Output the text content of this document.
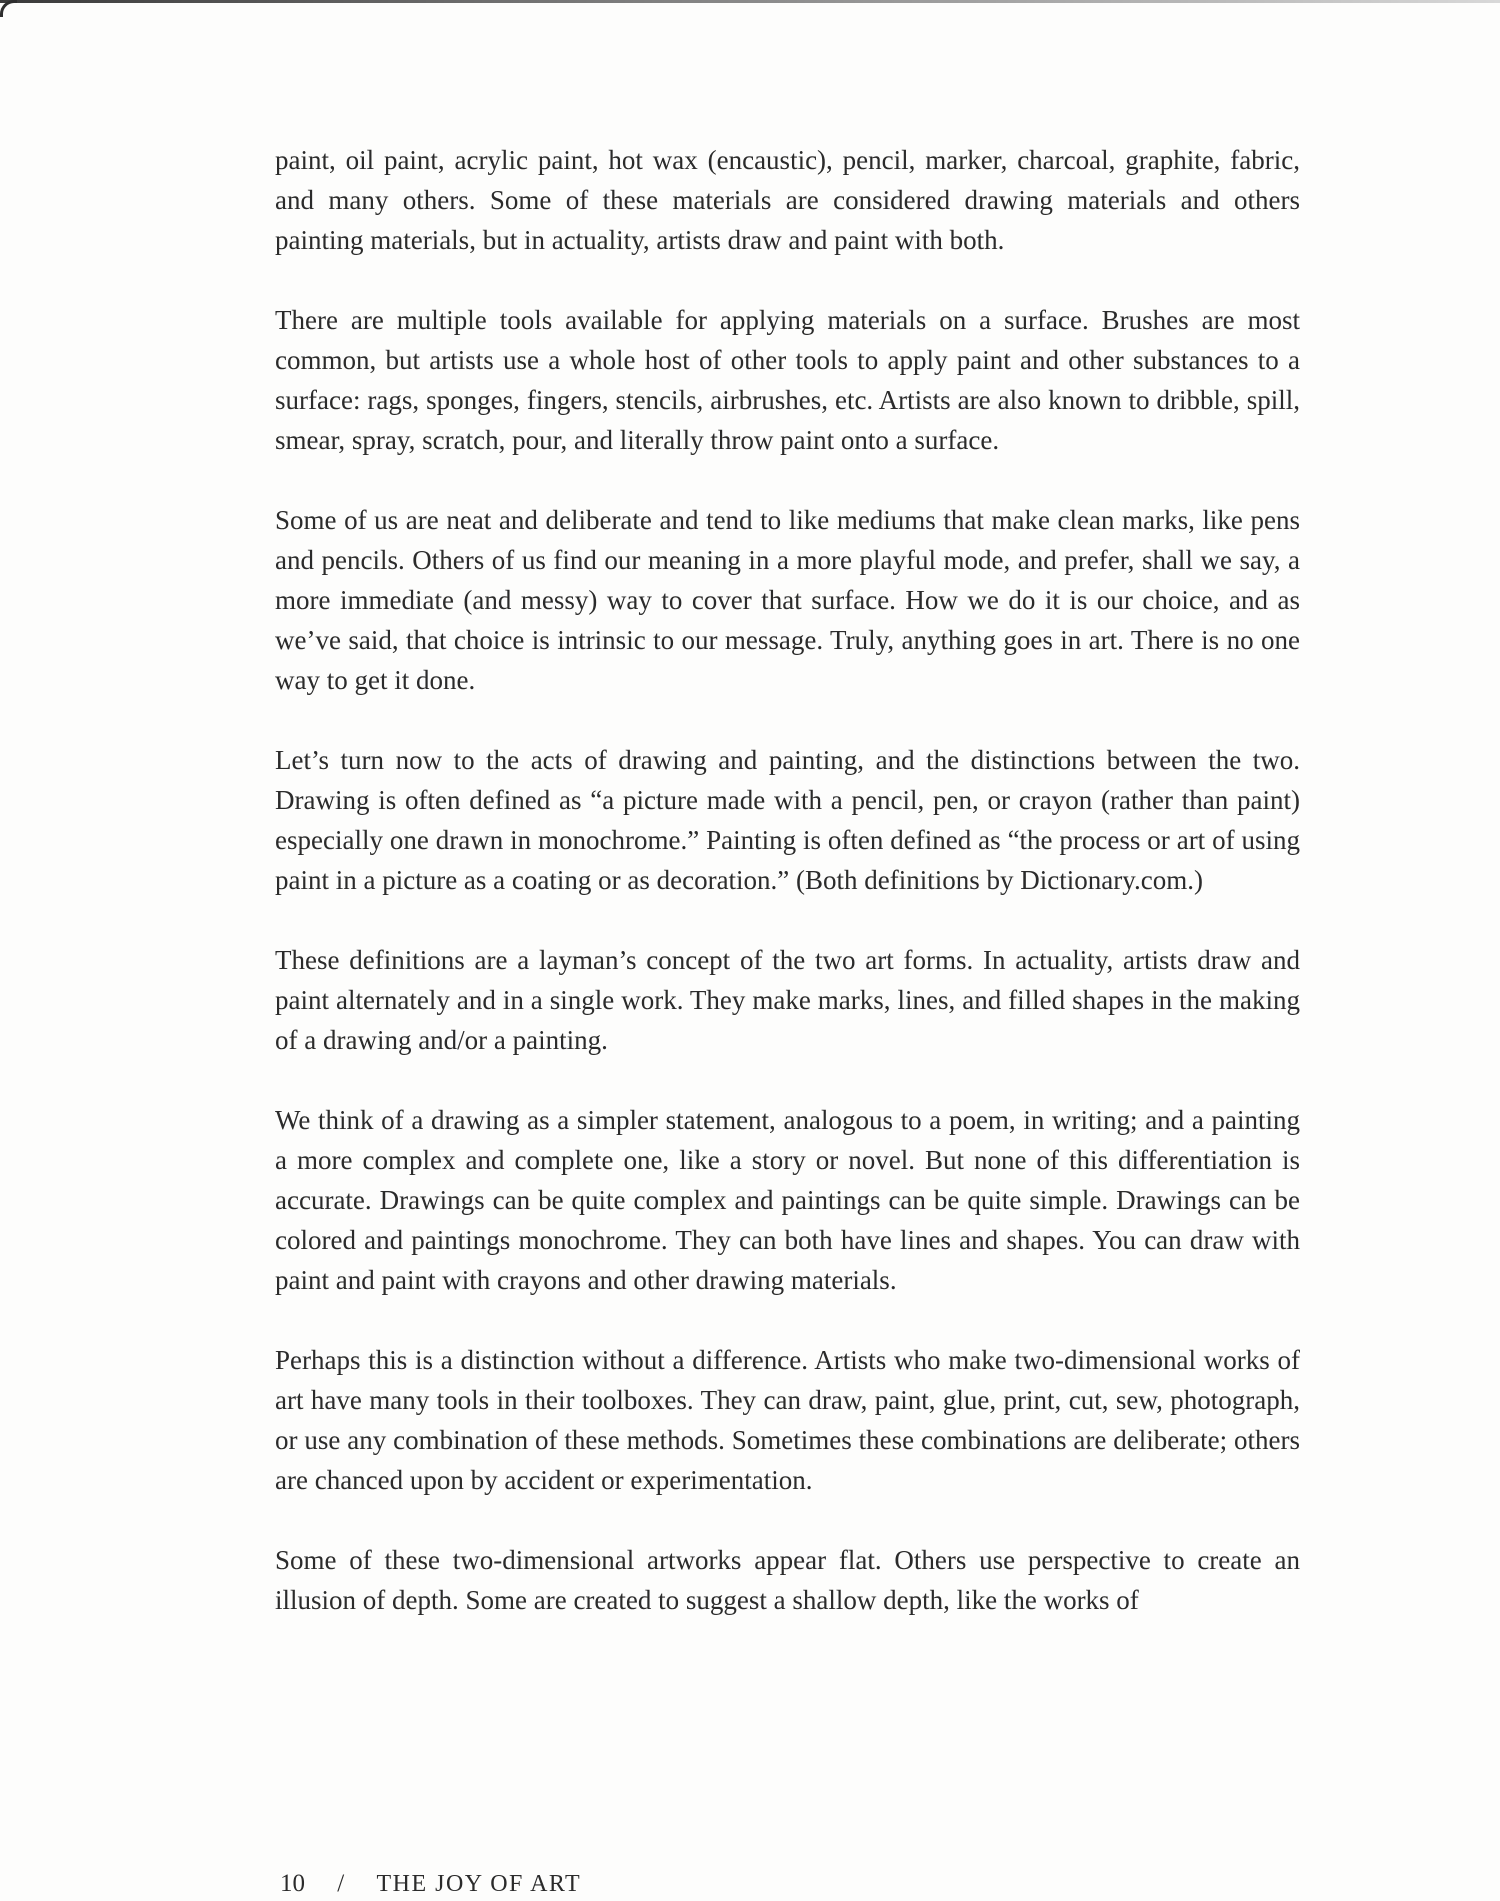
paint, oil paint, acrylic paint, hot wax (encaustic), pencil, marker, charcoal, graphite, fabric, and many others. Some of these materials are considered drawing materials and others painting materials, but in actuality, artists draw and paint with both.

There are multiple tools available for applying materials on a surface. Brushes are most common, but artists use a whole host of other tools to apply paint and other substances to a surface: rags, sponges, fingers, stencils, airbrushes, etc. Artists are also known to dribble, spill, smear, spray, scratch, pour, and literally throw paint onto a surface.

Some of us are neat and deliberate and tend to like mediums that make clean marks, like pens and pencils. Others of us find our meaning in a more playful mode, and prefer, shall we say, a more immediate (and messy) way to cover that surface. How we do it is our choice, and as we’ve said, that choice is intrinsic to our message. Truly, anything goes in art. There is no one way to get it done.

Let’s turn now to the acts of drawing and painting, and the distinctions between the two. Drawing is often defined as “a picture made with a pencil, pen, or crayon (rather than paint) especially one drawn in monochrome.” Painting is often defined as “the process or art of using paint in a picture as a coating or as decoration.” (Both definitions by Dictionary.com.)

These definitions are a layman’s concept of the two art forms. In actuality, artists draw and paint alternately and in a single work. They make marks, lines, and filled shapes in the making of a drawing and/or a painting.

We think of a drawing as a simpler statement, analogous to a poem, in writing; and a painting a more complex and complete one, like a story or novel. But none of this differentiation is accurate. Drawings can be quite complex and paintings can be quite simple. Drawings can be colored and paintings monochrome. They can both have lines and shapes. You can draw with paint and paint with crayons and other drawing materials.

Perhaps this is a distinction without a difference. Artists who make two-dimensional works of art have many tools in their toolboxes. They can draw, paint, glue, print, cut, sew, photograph, or use any combination of these methods. Sometimes these combinations are deliberate; others are chanced upon by accident or experimentation.

Some of these two-dimensional artworks appear flat. Others use perspective to create an illusion of depth. Some are created to suggest a shallow depth, like the works of

10 / THE JOY OF ART
